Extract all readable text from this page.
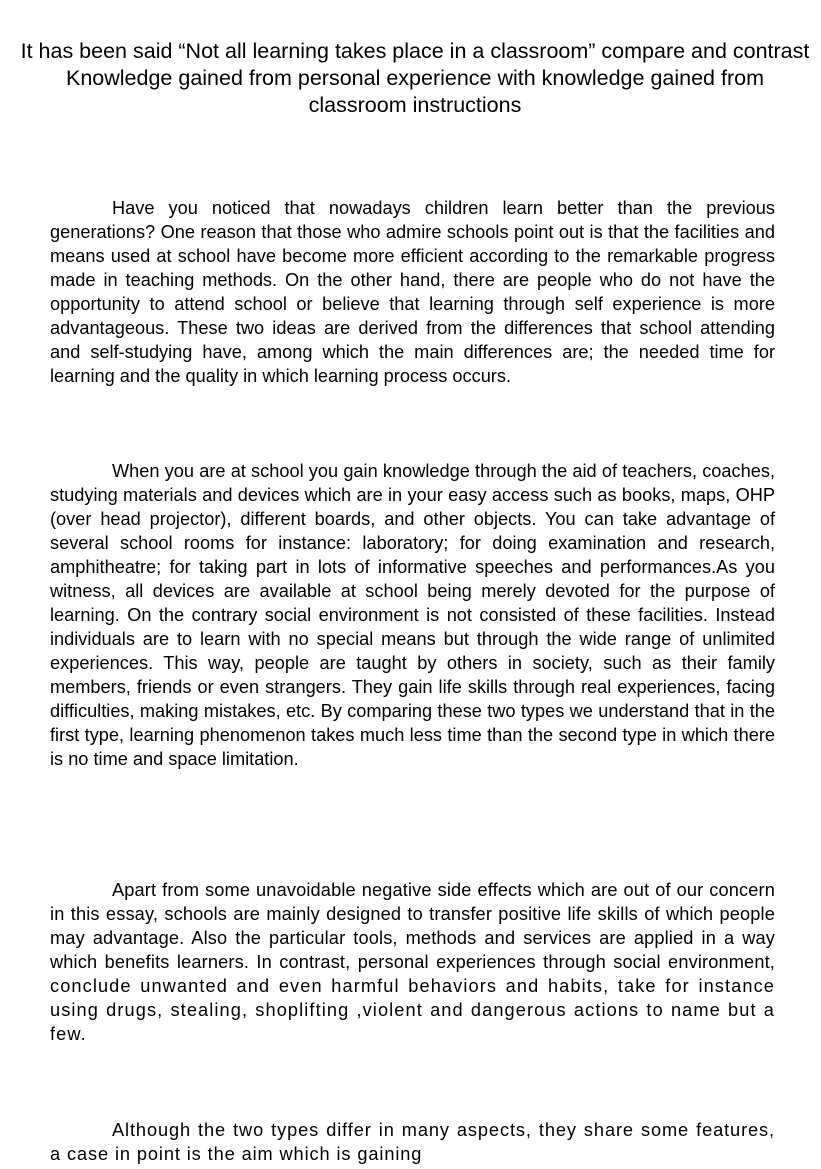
It has been said “Not all learning takes place in a classroom” compare and contrast
Knowledge gained from personal experience with knowledge gained from classroom instructions

Have you noticed that nowadays children learn better than the previous generations? One reason that those who admire schools point out is that the facilities and means used at school have become more efficient according to the remarkable progress made in teaching methods. On the other hand, there are people who do not have the opportunity to attend school or believe that learning through self experience is more advantageous. These two ideas are derived from the differences that school attending and self-studying have, among which the main differences are; the needed time for learning and the quality in which learning process occurs.

When you are at school you gain knowledge through the aid of teachers, coaches, studying materials and devices which are in your easy access such as books, maps, OHP (over head projector), different boards, and other objects. You can take advantage of several school rooms for instance: laboratory; for doing examination and research, amphitheatre; for taking part in lots of informative speeches and performances.As you witness, all devices are available at school being merely devoted for the purpose of learning. On the contrary social environment is not consisted of these facilities. Instead individuals are to learn with no special means but through the wide range of unlimited experiences. This way, people are taught by others in society, such as their family members, friends or even strangers. They gain life skills through real experiences, facing difficulties, making mistakes, etc. By comparing these two types we understand that in the first type, learning phenomenon takes much less time than the second type in which there is no time and space limitation.

Apart from some unavoidable negative side effects which are out of our concern in this essay, schools are mainly designed to transfer positive life skills of which people may advantage. Also the particular tools, methods and services are applied in a way which benefits learners. In contrast, personal experiences through social environment, conclude unwanted and even harmful behaviors and habits, take for instance using drugs, stealing, shoplifting ,violent and dangerous actions to name but a few.

Although the two types differ in many aspects, they share some features, a case in point is the aim which is gaining
